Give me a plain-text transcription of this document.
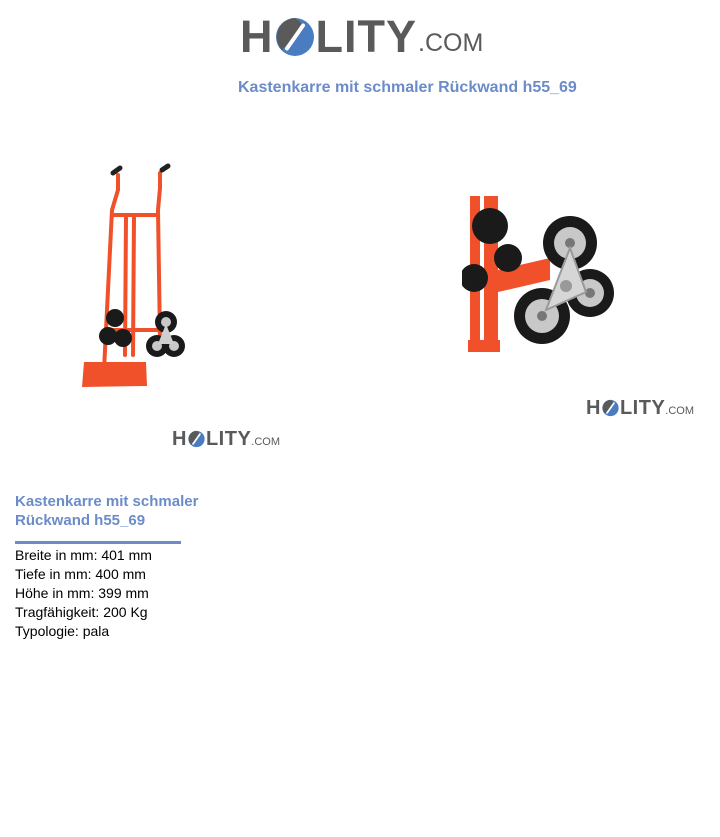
H LITY .COM
Kastenkarre mit schmaler Rückwand h55_69
H LITY .COM
H LITY .COM
Kastenkarre mit schmaler
Rückwand h55_69
Breite in mm: 401 mm
Tiefe in mm: 400 mm
Höhe in mm: 399 mm
Tragfähigkeit: 200 Kg
Typologie: pala
